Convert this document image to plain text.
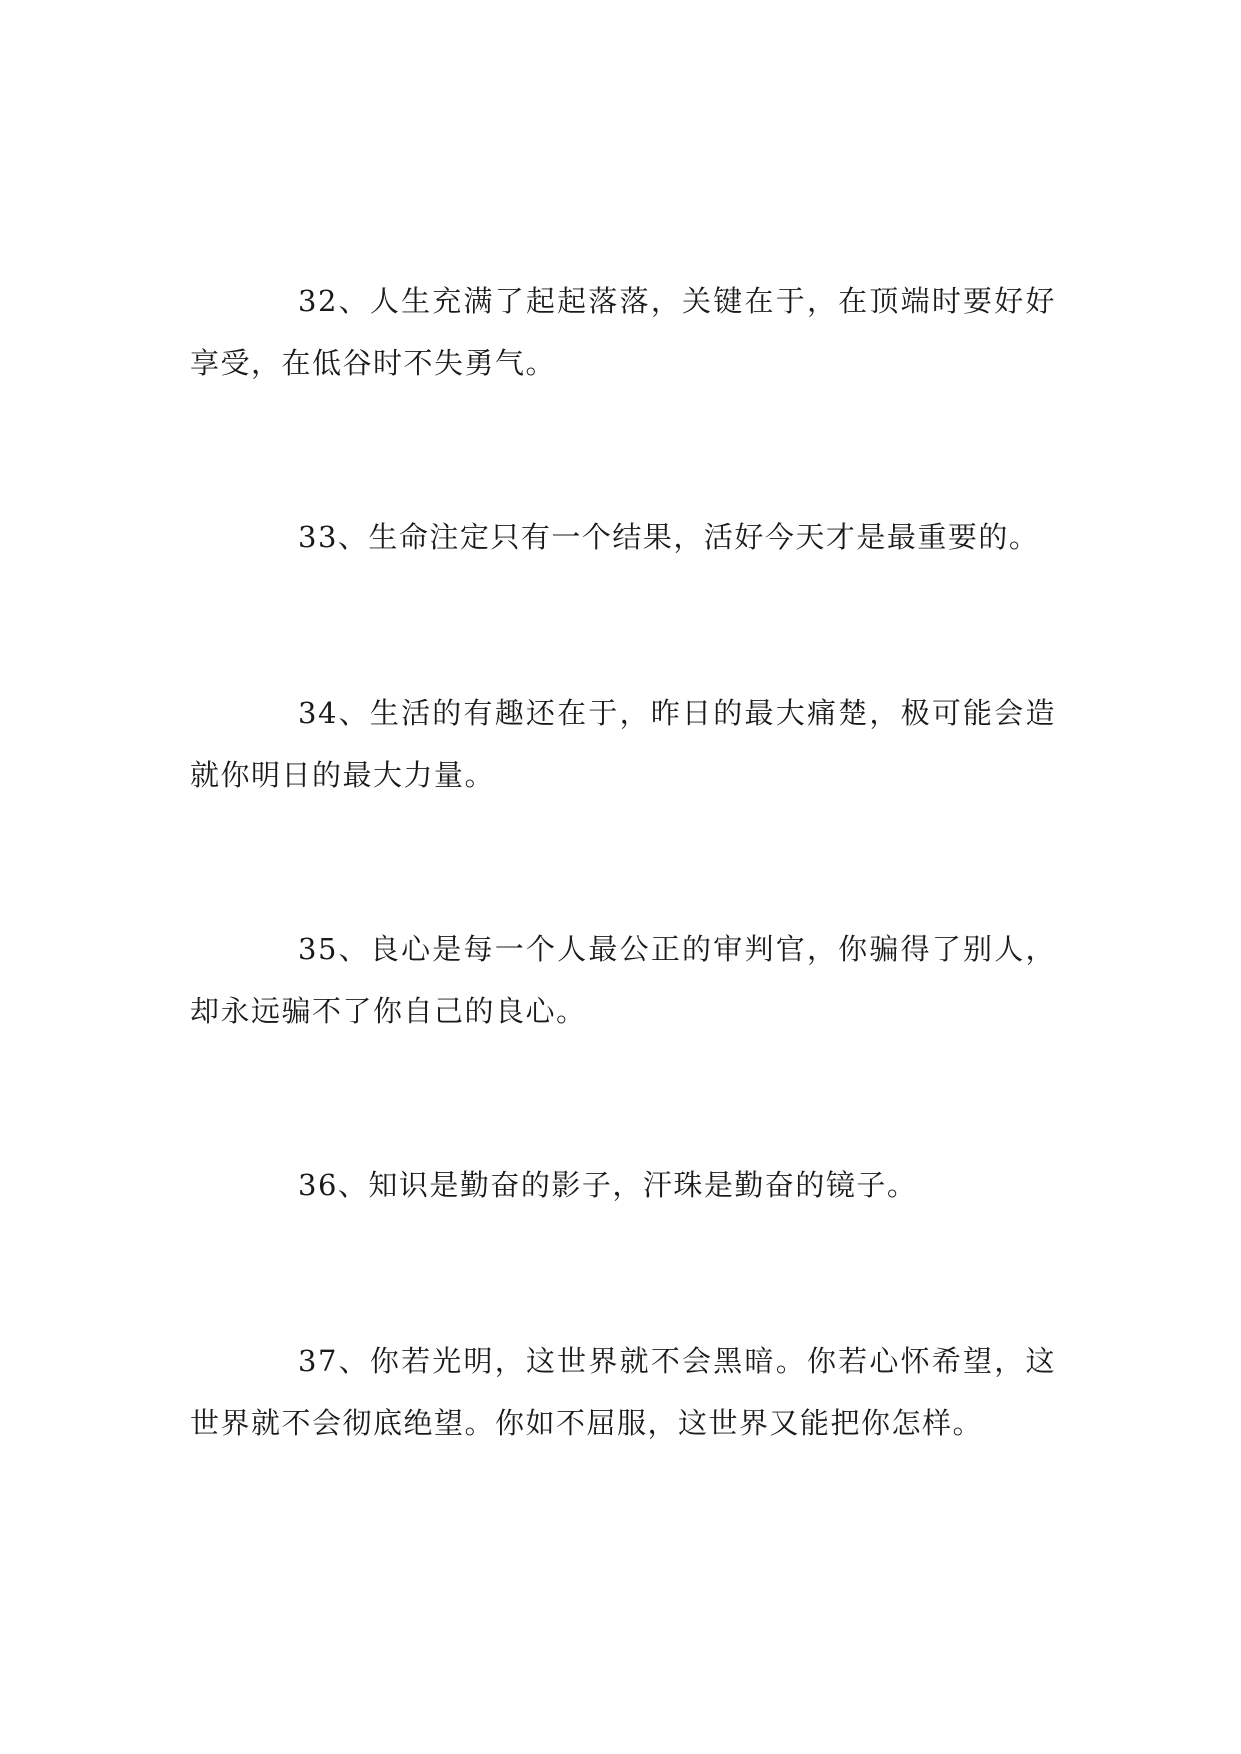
32、人生充满了起起落落，关键在于，在顶端时要好好享受，在低谷时不失勇气。

33、生命注定只有一个结果，活好今天才是最重要的。

34、生活的有趣还在于，昨日的最大痛楚，极可能会造就你明日的最大力量。

35、良心是每一个人最公正的审判官，你骗得了别人，却永远骗不了你自己的良心。

36、知识是勤奋的影子，汗珠是勤奋的镜子。

37、你若光明，这世界就不会黑暗。你若心怀希望，这世界就不会彻底绝望。你如不屈服，这世界又能把你怎样。
